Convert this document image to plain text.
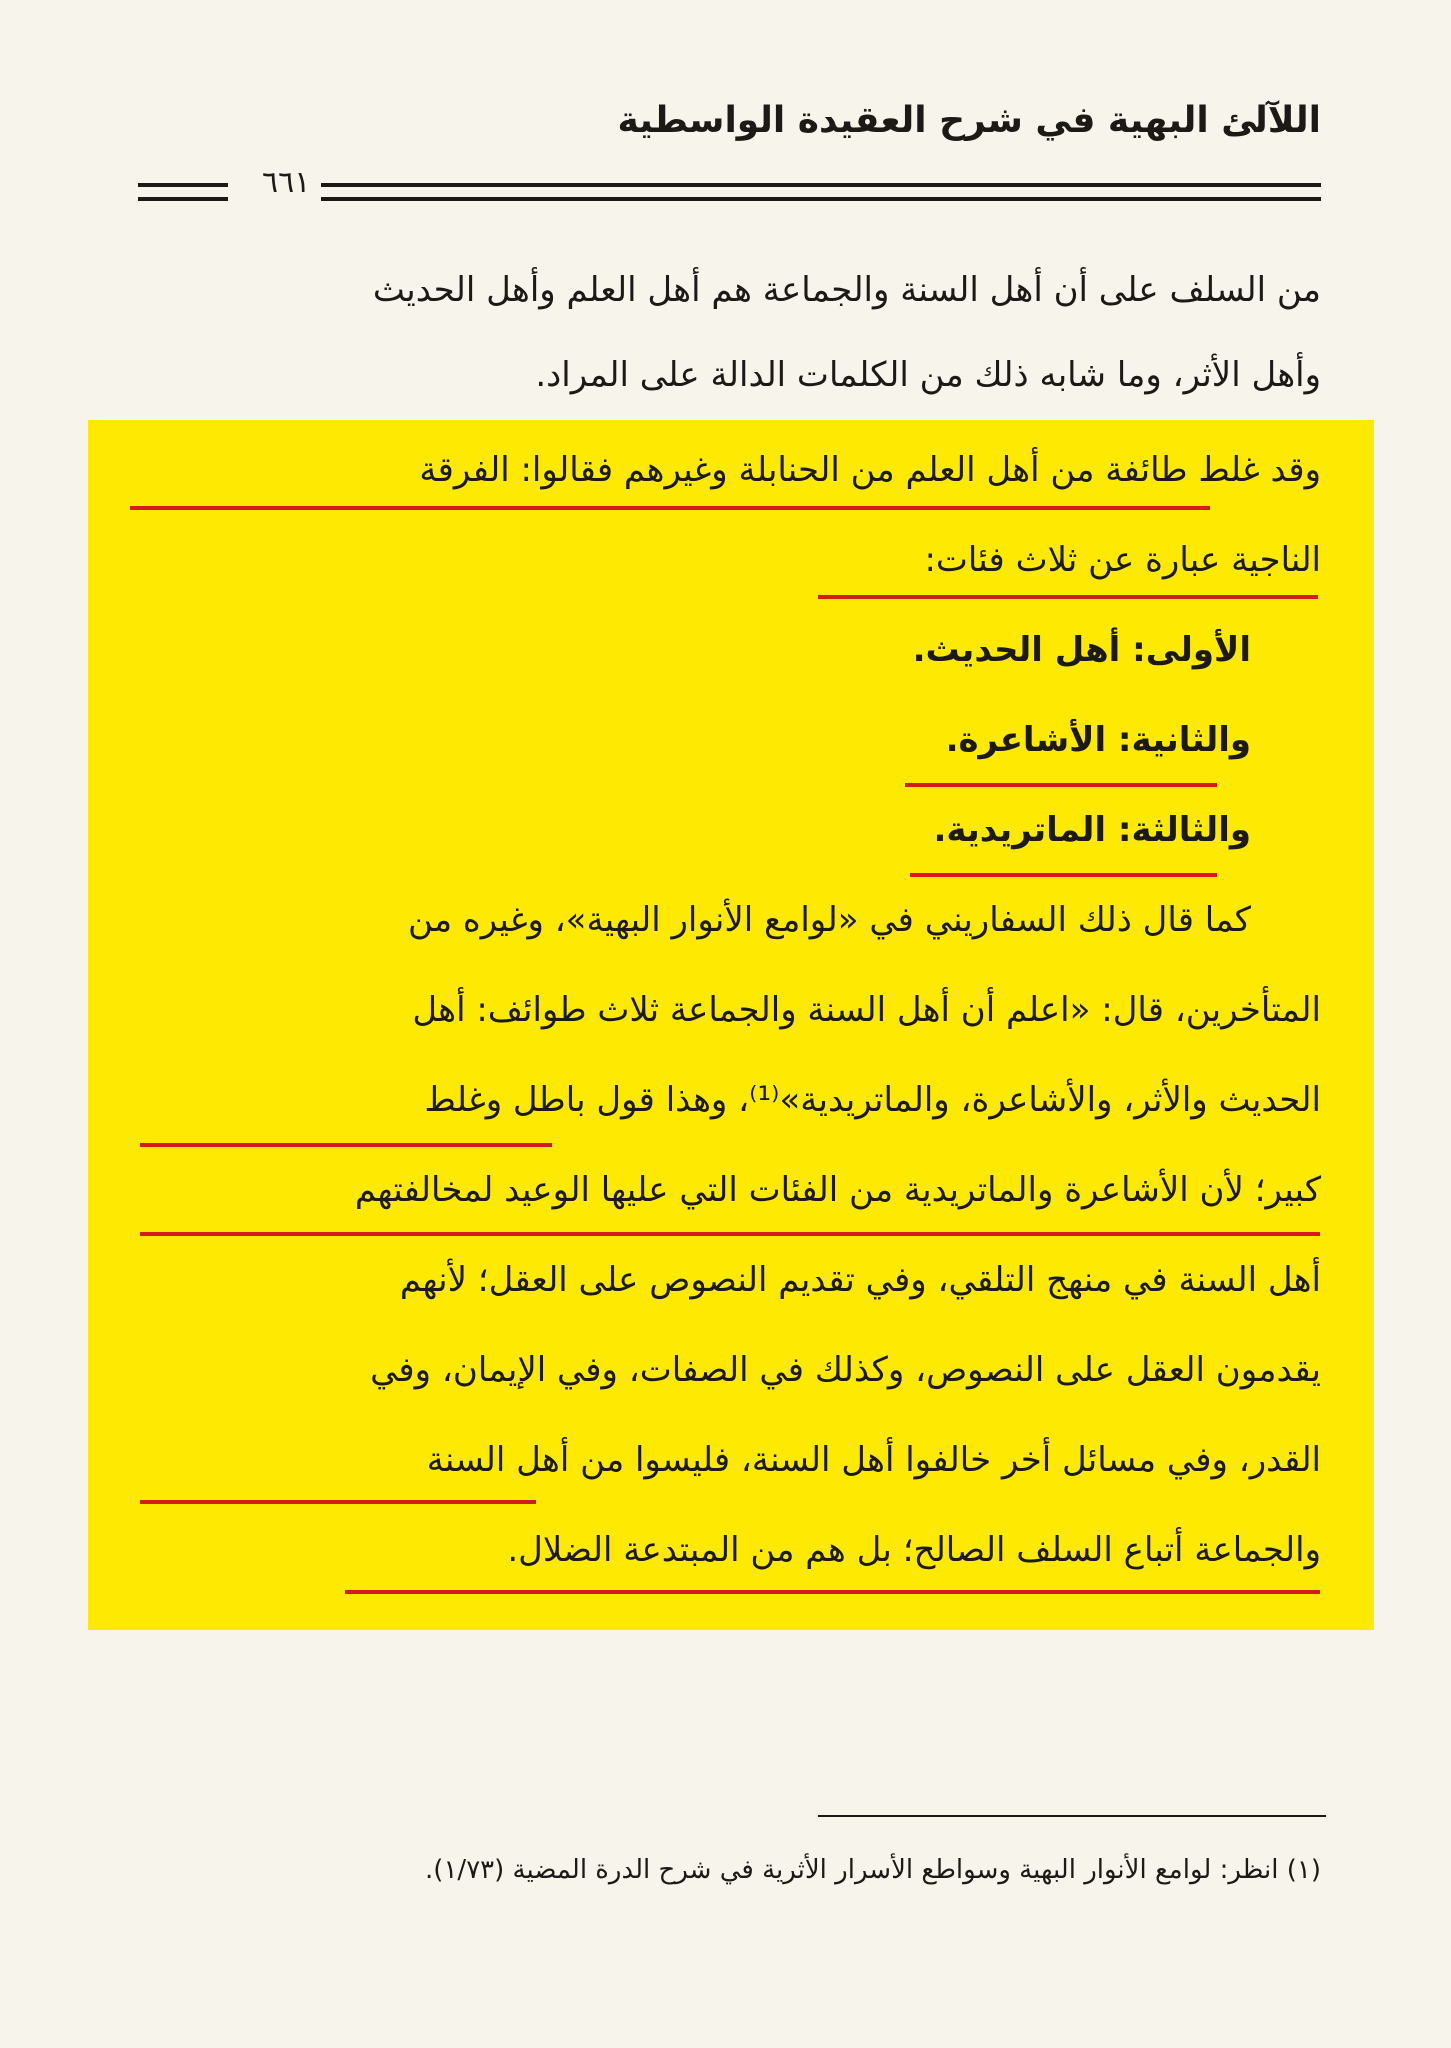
اللآلئ البهية في شرح العقيدة الواسطية
٦٦١
من السلف على أن أهل السنة والجماعة هم أهل العلم وأهل الحديث
وأهل الأثر، وما شابه ذلك من الكلمات الدالة على المراد.
وقد غلط طائفة من أهل العلم من الحنابلة وغيرهم فقالوا: الفرقة
الناجية عبارة عن ثلاث فئات:
الأولى: أهل الحديث.
والثانية: الأشاعرة.
والثالثة: الماتريدية.
كما قال ذلك السفاريني في «لوامع الأنوار البهية»، وغيره من
المتأخرين، قال: «اعلم أن أهل السنة والجماعة ثلاث طوائف: أهل
الحديث والأثر، والأشاعرة، والماتريدية»⁽¹⁾، وهذا قول باطل وغلط
كبير؛ لأن الأشاعرة والماتريدية من الفئات التي عليها الوعيد لمخالفتهم
أهل السنة في منهج التلقي، وفي تقديم النصوص على العقل؛ لأنهم
يقدمون العقل على النصوص، وكذلك في الصفات، وفي الإيمان، وفي
القدر، وفي مسائل أخر خالفوا أهل السنة، فليسوا من أهل السنة
والجماعة أتباع السلف الصالح؛ بل هم من المبتدعة الضلال.
(١) انظر: لوامع الأنوار البهية وسواطع الأسرار الأثرية في شرح الدرة المضية (١/٧٣).
